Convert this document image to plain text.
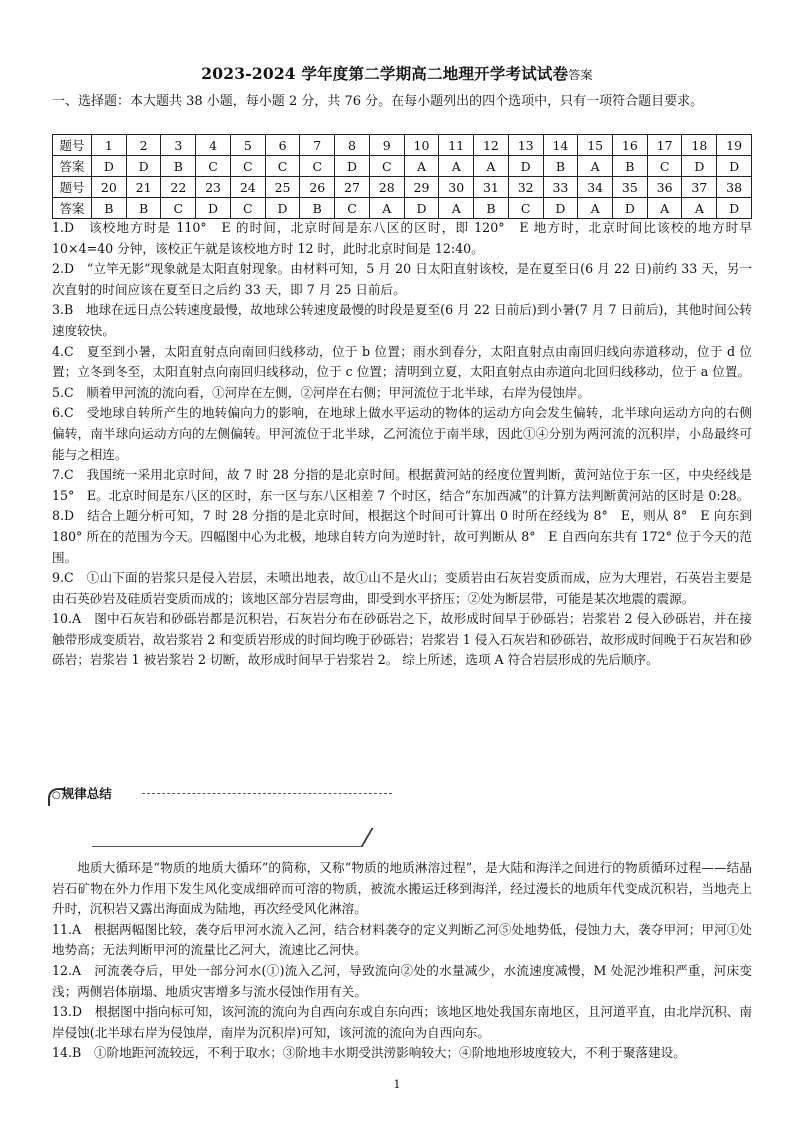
2023-2024 学年度第二学期高二地理开学考试试卷答案
一、选择题：本大题共 38 小题，每小题 2 分，共 76 分。在每小题列出的四个选项中，只有一项符合题目要求。
题号	1	2	3	4	5	6	7	8	9	10	11	12	13	14	15	16	17	18	19
答案	D	D	B	C	C	C	C	D	C	A	A	A	D	B	A	B	C	D	D
题号	20	21	22	23	24	25	26	27	28	29	30	31	32	33	34	35	36	37	38
答案	B	B	C	D	C	D	B	C	A	D	A	B	C	D	A	D	A	A	D

1.D　该校地方时是 110°　E 的时间，北京时间是东八区的区时，即 120°　E 地方时，北京时间比该校的地方时早 10×4=40 分钟，该校正午就是该校地方时 12 时，此时北京时间是 12:40。

2.D　“立竿无影”现象就是太阳直射现象。由材料可知，5 月 20 日太阳直射该校，是在夏至日(6 月 22 日)前约 33 天，另一次直射的时间应该在夏至日之后约 33 天，即 7 月 25 日前后。

3.B　地球在远日点公转速度最慢，故地球公转速度最慢的时段是夏至(6 月 22 日前后)到小暑(7 月 7 日前后)，其他时间公转速度较快。

4.C　夏至到小暑，太阳直射点向南回归线移动，位于 b 位置；雨水到春分，太阳直射点由南回归线向赤道移动，位于 d 位置；立冬到冬至，太阳直射点向南回归线移动，位于 c 位置；清明到立夏，太阳直射点由赤道向北回归线移动，位于 a 位置。

5.C　顺着甲河流的流向看，①河岸在左侧，②河岸在右侧；甲河流位于北半球，右岸为侵蚀岸。

6.C　受地球自转所产生的地转偏向力的影响，在地球上做水平运动的物体的运动方向会发生偏转，北半球向运动方向的右侧偏转，南半球向运动方向的左侧偏转。甲河流位于北半球，乙河流位于南半球，因此①④分别为两河流的沉积岸，小岛最终可能与之相连。

7.C　我国统一采用北京时间，故 7 时 28 分指的是北京时间。根据黄河站的经度位置判断，黄河站位于东一区，中央经线是 15°　E。北京时间是东八区的区时，东一区与东八区相差 7 个时区，结合“东加西减”的计算方法判断黄河站的区时是 0:28。

8.D　结合上题分析可知，7 时 28 分指的是北京时间，根据这个时间可计算出 0 时所在经线为 8°　E，则从 8°　E 向东到 180° 所在的范围为今天。四幅图中心为北极，地球自转方向为逆时针，故可判断从 8°　E 自西向东共有 172° 位于今天的范围。

9.C　①山下面的岩浆只是侵入岩层，未喷出地表，故①山不是火山；变质岩由石灰岩变质而成，应为大理岩，石英岩主要是由石英砂岩及硅质岩变质而成的；该地区部分岩层弯曲，即受到水平挤压；②处为断层带，可能是某次地震的震源。

10.A　图中石灰岩和砂砾岩都是沉积岩，石灰岩分布在砂砾岩之下，故形成时间早于砂砾岩；岩浆岩 2 侵入砂砾岩，并在接触带形成变质岩，故岩浆岩 2 和变质岩形成的时间均晚于砂砾岩；岩浆岩 1 侵入石灰岩和砂砾岩，故形成时间晚于石灰岩和砂砾岩；岩浆岩 1 被岩浆岩 2 切断，故形成时间早于岩浆岩 2。 综上所述，选项 A 符合岩层形成的先后顺序。

○规律总结

地质大循环是“物质的地质大循环”的简称，又称“物质的地质淋溶过程”，是大陆和海洋之间进行的物质循环过程——结晶岩石矿物在外力作用下发生风化变成细碎而可溶的物质，被流水搬运迁移到海洋，经过漫长的地质年代变成沉积岩，当地壳上升时，沉积岩又露出海面成为陆地，再次经受风化淋溶。

11.A　根据两幅图比较，袭夺后甲河水流入乙河，结合材料袭夺的定义判断乙河⑤处地势低，侵蚀力大，袭夺甲河；甲河①处地势高；无法判断甲河的流量比乙河大，流速比乙河快。

12.A　河流袭夺后，甲处一部分河水(①)流入乙河，导致流向②处的水量减少，水流速度减慢，M 处泥沙堆积严重，河床变浅；两侧岩体崩塌、地质灾害增多与流水侵蚀作用有关。

13.D　根据图中指向标可知，该河流的流向为自西向东或自东向西；该地区地处我国东南地区，且河道平直，由北岸沉积、南岸侵蚀(北半球右岸为侵蚀岸，南岸为沉积岸)可知，该河流的流向为自西向东。

14.B　①阶地距河流较远，不利于取水；③阶地丰水期受洪涝影响较大；④阶地地形坡度较大，不利于聚落建设。

1
